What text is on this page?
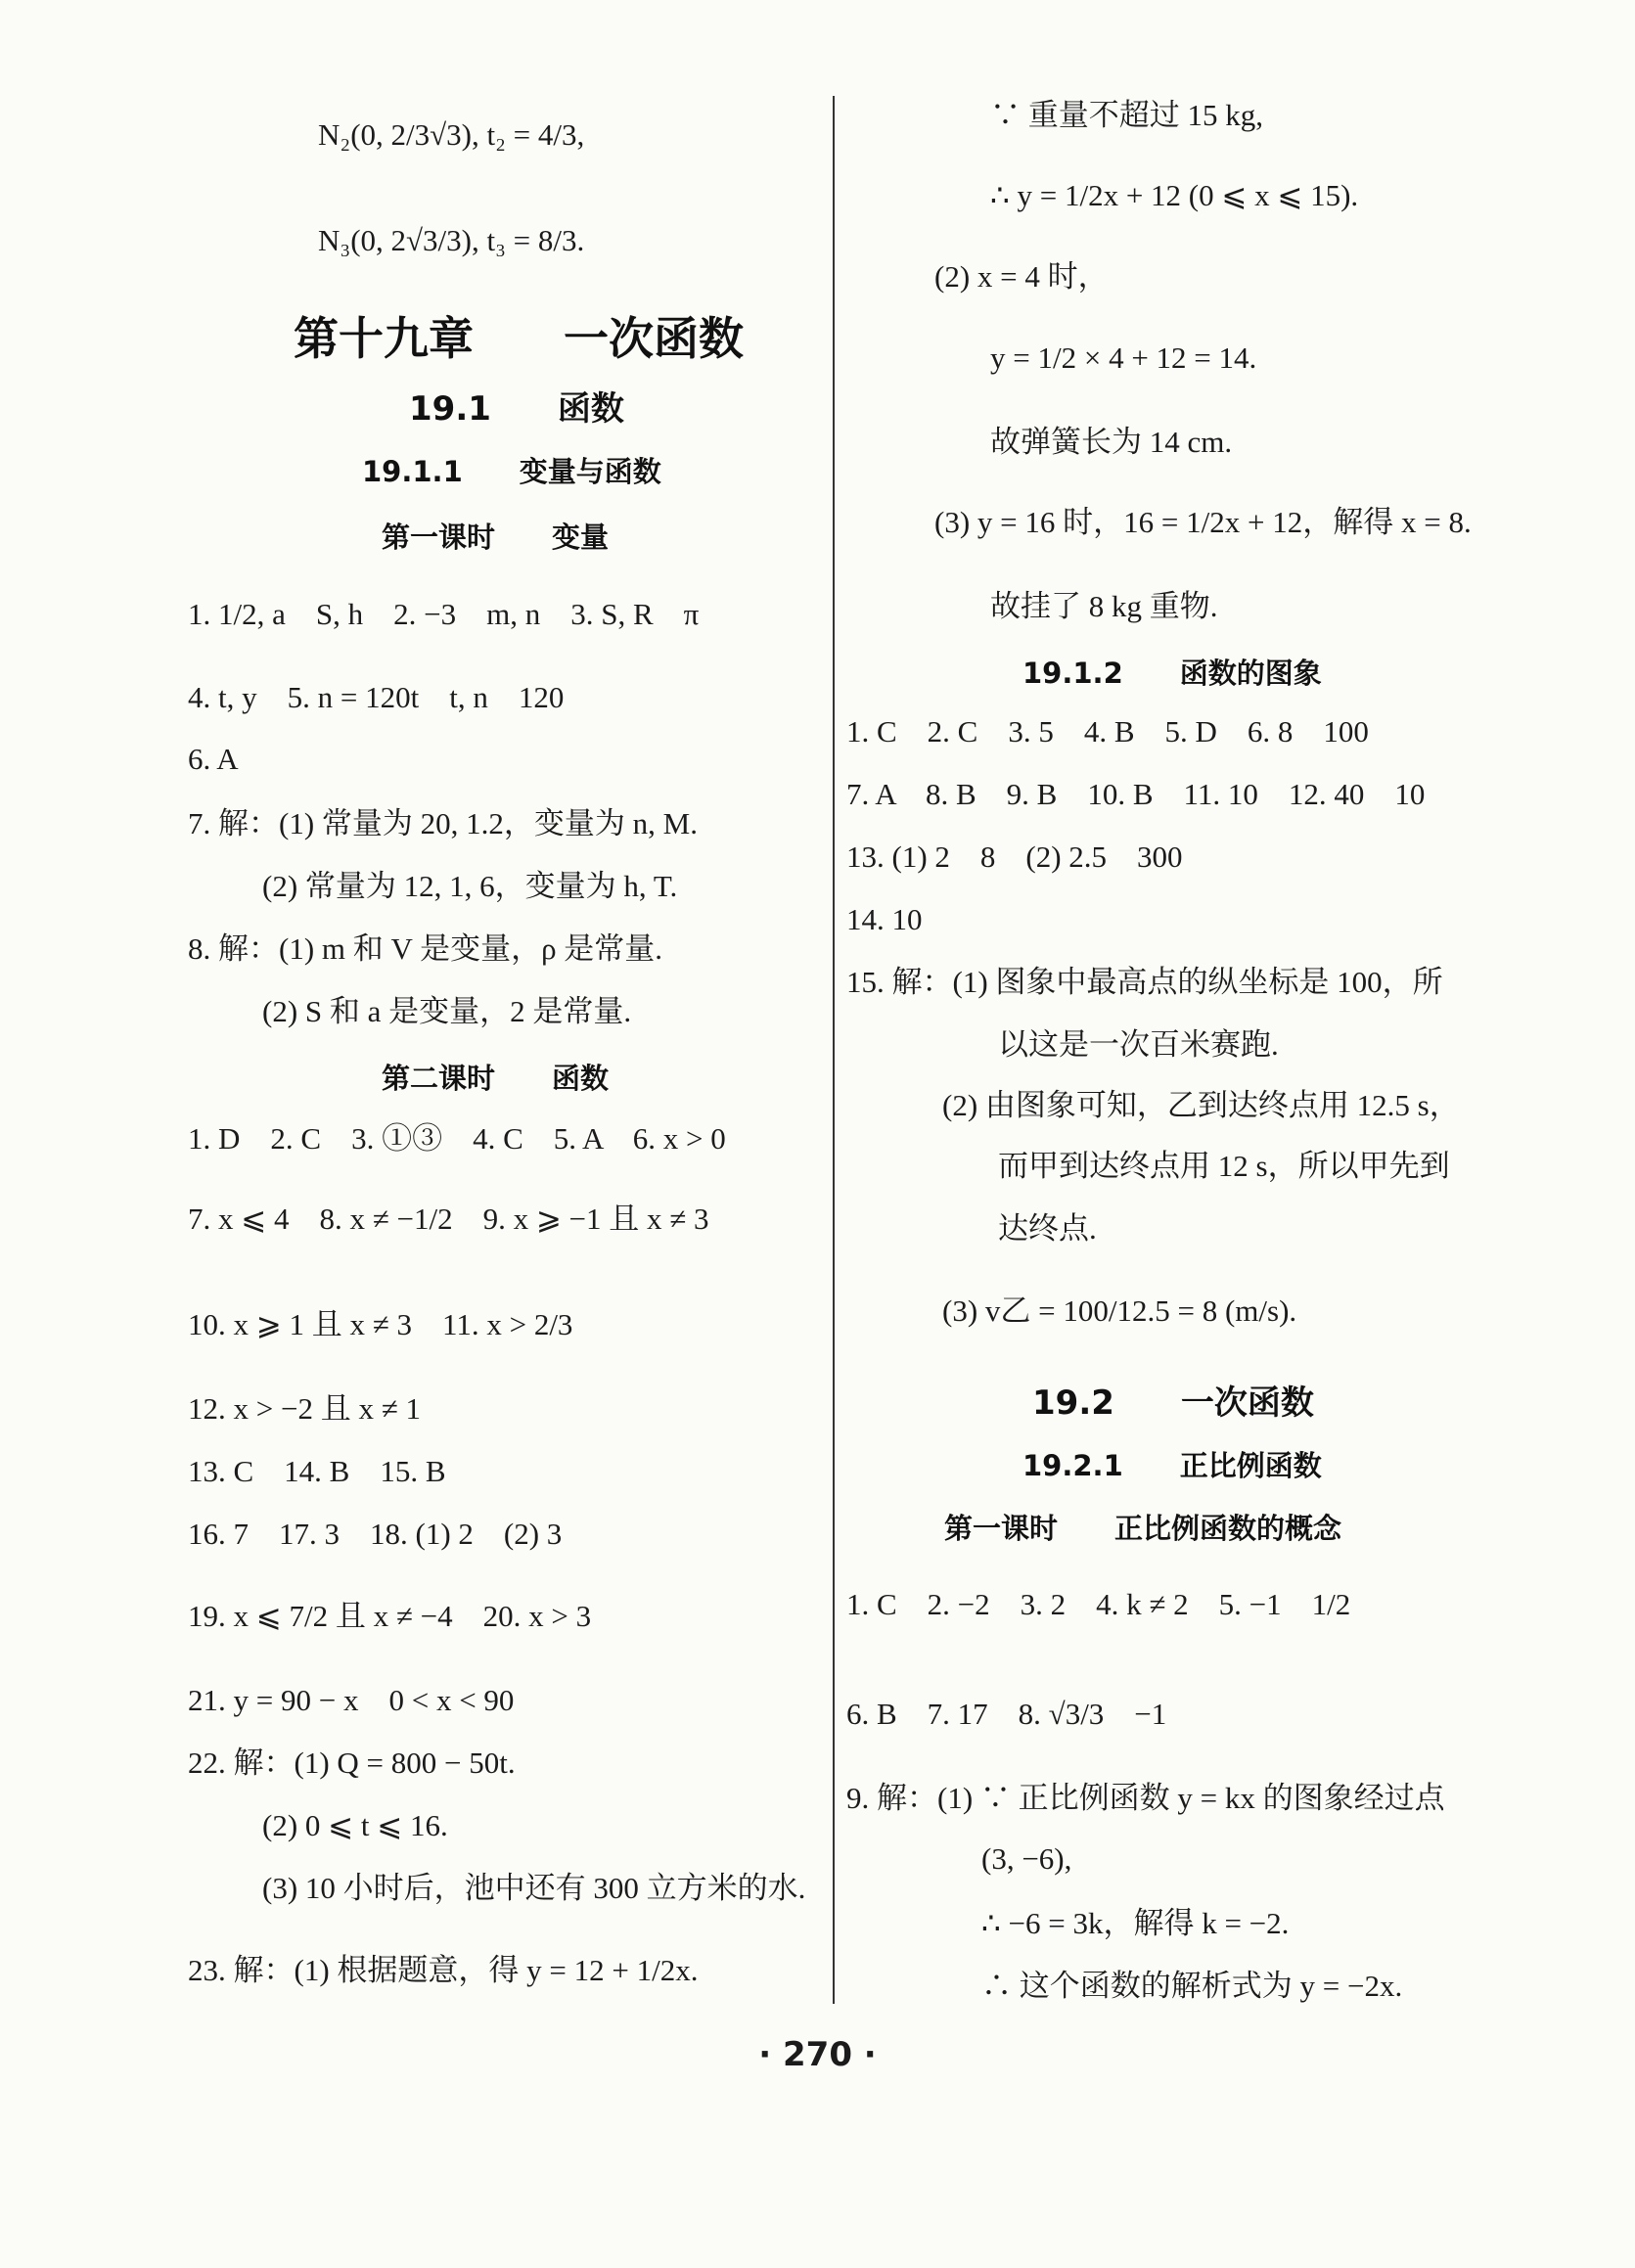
N₂(0, 2/3√3), t₂ = 4/3,
N₃(0, 2√3/3), t₃ = 8/3.
第十九章　　一次函数
19.1　　函数
19.1.1　　变量与函数
第一课时　　变量
1. 1/2, a　S, h　2. −3　m, n　3. S, R　π
4. t, y　5. n = 120t　t, n　120
6. A
7. 解：(1) 常量为 20, 1.2，变量为 n, M.
(2) 常量为 12, 1, 6，变量为 h, T.
8. 解：(1) m 和 V 是变量，ρ 是常量.
(2) S 和 a 是变量，2 是常量.
第二课时　　函数
1. D　2. C　3. ①③　4. C　5. A　6. x > 0
7. x ⩽ 4　8. x ≠ −1/2　9. x ⩾ −1 且 x ≠ 3
10. x ⩾ 1 且 x ≠ 3　11. x > 2/3
12. x > −2 且 x ≠ 1
13. C　14. B　15. B
16. 7　17. 3　18. (1) 2　(2) 3
19. x ⩽ 7/2 且 x ≠ −4　20. x > 3
21. y = 90 − x　0 < x < 90
22. 解：(1) Q = 800 − 50t.
(2) 0 ⩽ t ⩽ 16.
(3) 10 小时后，池中还有 300 立方米的水.
23. 解：(1) 根据题意，得 y = 12 + 1/2x.
∵ 重量不超过 15 kg,
∴ y = 1/2x + 12 (0 ⩽ x ⩽ 15).
(2) x = 4 时，
y = 1/2 × 4 + 12 = 14.
故弹簧长为 14 cm.
(3) y = 16 时，16 = 1/2x + 12，解得 x = 8.
故挂了 8 kg 重物.
19.1.2　　函数的图象
1. C　2. C　3. 5　4. B　5. D　6. 8　100
7. A　8. B　9. B　10. B　11. 10　12. 40　10
13. (1) 2　8　(2) 2.5　300
14. 10
15. 解：(1) 图象中最高点的纵坐标是 100，所
以这是一次百米赛跑.
(2) 由图象可知，乙到达终点用 12.5 s，
而甲到达终点用 12 s，所以甲先到
达终点.
(3) v乙 = 100/12.5 = 8 (m/s).
19.2　　一次函数
19.2.1　　正比例函数
第一课时　　正比例函数的概念
1. C　2. −2　3. 2　4. k ≠ 2　5. −1　1/2
6. B　7. 17　8. √3/3　−1
9. 解：(1) ∵ 正比例函数 y = kx 的图象经过点
(3, −6),
∴ −6 = 3k，解得 k = −2.
∴ 这个函数的解析式为 y = −2x.
· 270 ·
